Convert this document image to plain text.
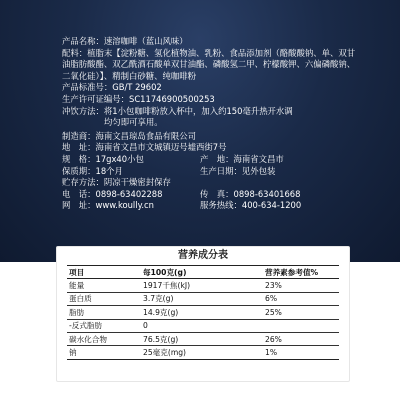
产品名称：速溶咖啡（蓝山风味）
配料：植脂末【淀粉糖、氢化植物油、乳粉、食品添加剂（酪酸酸钠、单、双甘油脂肪酸酯、双乙酰酒石酸单双甘油酯、磷酸氢二甲、柠檬酸钾、六偏磷酸钠、二氧化硅）】、精制白砂糖、纯咖啡粉
产品标准号：GB/T 29602
生产许可证编号：SC11746900500253
冲饮方法：将1小包咖啡粉放入杯中，加入约150毫升热开水调
均匀即可享用。
制造商：海南文昌琼岛食品有限公司
地　址：海南省文昌市文城镇迈号墟西街7号
规　格：17gx40小包	产　地：海南省文昌市
保质期：18个月	生产日期：见外包装
贮存方法：阴凉干燥密封保存
电　话：0898-63402288	传　真：0898-63401668
网　址：www.koully.cn	服务热线：400-634-1200
营养成分表
项目	每100克(g)	营养素参考值%
能量	1917千焦(kJ)	23%
蛋白质	3.7克(g)	6%
脂肪	14.9克(g)	25%
-反式脂肪	0	
碳水化合物	76.5克(g)	26%
钠	25毫克(mg)	1%
